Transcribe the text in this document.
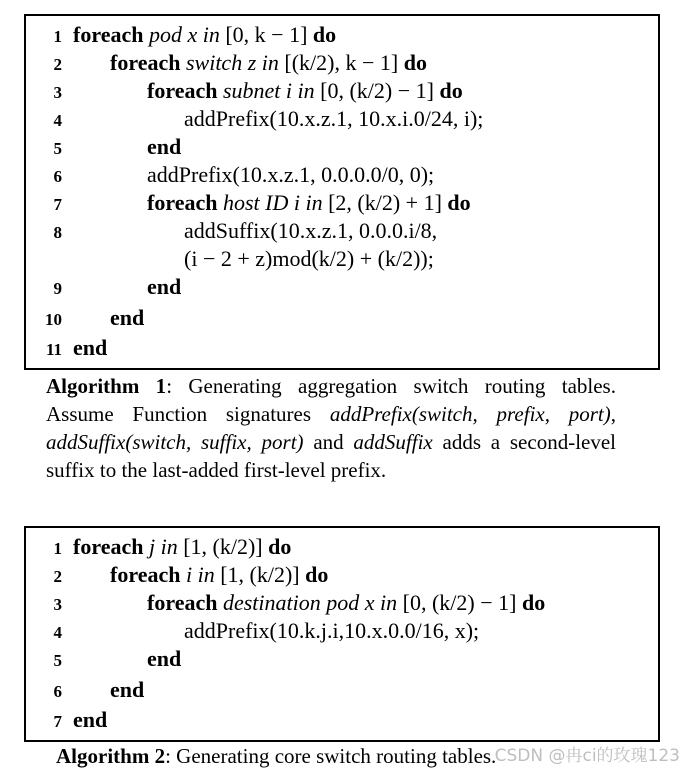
1 foreach pod x in [0, k − 1] do
2 foreach switch z in [(k/2), k − 1] do
3	foreach subnet i in [0, (k/2) − 1] do
4	addPrefix(10.x.z.1, 10.x.i.0/24, i);
5	end
6	addPrefix(10.x.z.1, 0.0.0.0/0, 0);
7	foreach host ID i in [2, (k/2) + 1] do
8	addSuffix(10.x.z.1, 0.0.0.i/8,
(i − 2 + z)mod(k/2) + (k/2));
9	end
10 end
11 end
Algorithm 1: Generating aggregation switch routing tables. Assume Function signatures addPrefix(switch, prefix, port), addSuffix(switch, suffix, port) and addSuffix adds a second-level suffix to the last-added first-level prefix.
1 foreach j in [1, (k/2)] do
2 foreach i in [1, (k/2)] do
3	foreach destination pod x in [0, (k/2) − 1] do
4	addPrefix(10.k.j.i,10.x.0.0/16, x);
5	end
6 end
7 end
Algorithm 2: Generating core switch routing tables.
CSDN @冉ci的玫瑰123
